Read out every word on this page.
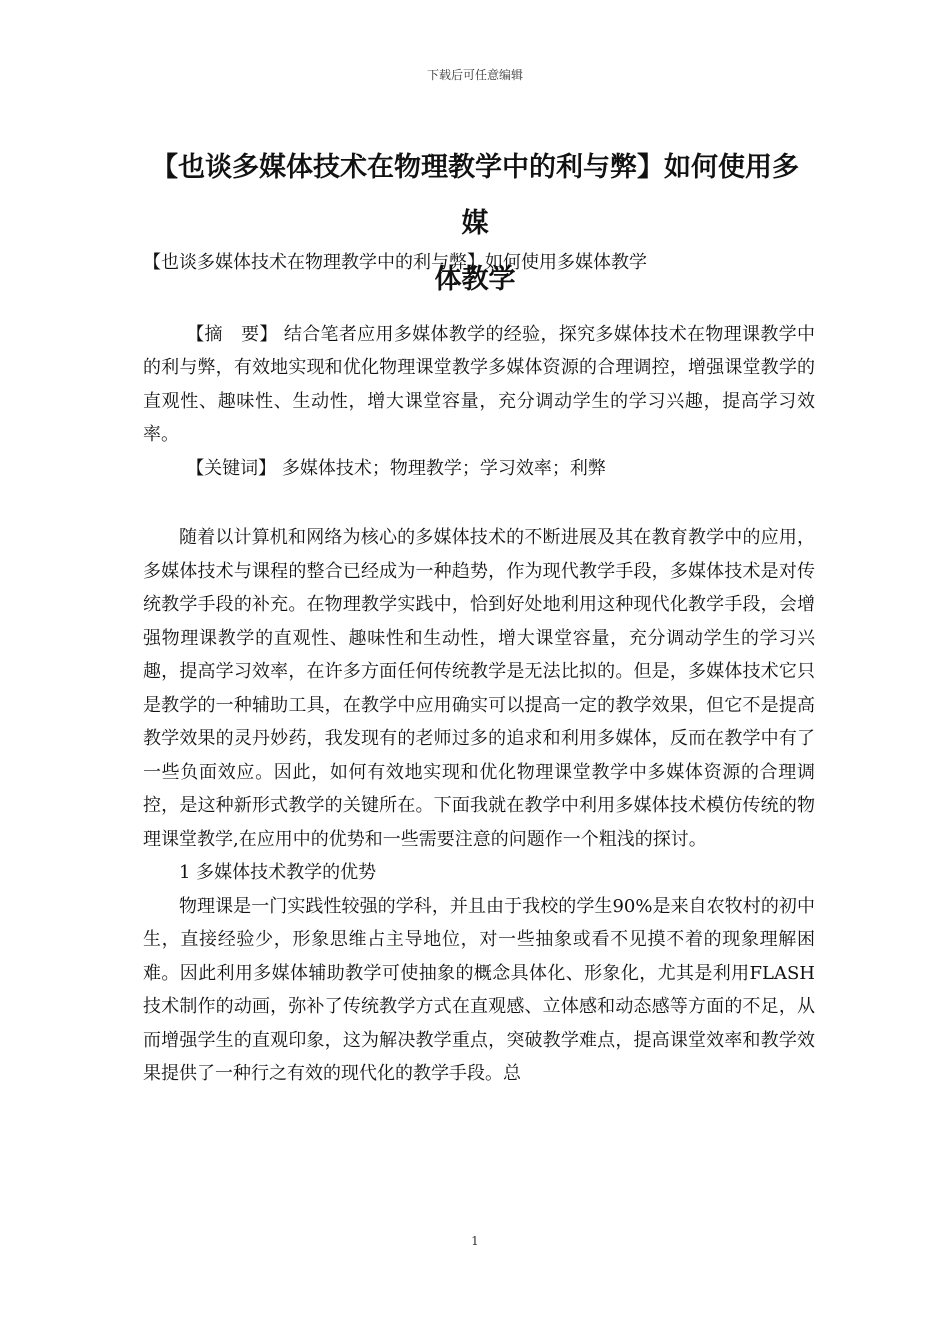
下载后可任意编辑
【也谈多媒体技术在物理教学中的利与弊】如何使用多媒
体教学

【也谈多媒体技术在物理教学中的利与弊】如何使用多媒体教学

【摘　要】 结合笔者应用多媒体教学的经验，探究多媒体技术在物理课教学中的利与弊，有效地实现和优化物理课堂教学多媒体资源的合理调控，增强课堂教学的直观性、趣味性、生动性，增大课堂容量，充分调动学生的学习兴趣，提高学习效率。

【关键词】 多媒体技术；物理教学；学习效率；利弊

随着以计算机和网络为核心的多媒体技术的不断进展及其在教育教学中的应用，多媒体技术与课程的整合已经成为一种趋势，作为现代教学手段，多媒体技术是对传统教学手段的补充。在物理教学实践中，恰到好处地利用这种现代化教学手段，会增强物理课教学的直观性、趣味性和生动性，增大课堂容量，充分调动学生的学习兴趣，提高学习效率，在许多方面任何传统教学是无法比拟的。但是，多媒体技术它只是教学的一种辅助工具，在教学中应用确实可以提高一定的教学效果，但它不是提高教学效果的灵丹妙药，我发现有的老师过多的追求和利用多媒体，反而在教学中有了一些负面效应。因此，如何有效地实现和优化物理课堂教学中多媒体资源的合理调控，是这种新形式教学的关键所在。下面我就在教学中利用多媒体技术模仿传统的物理课堂教学,在应用中的优势和一些需要注意的问题作一个粗浅的探讨。

1 多媒体技术教学的优势

物理课是一门实践性较强的学科，并且由于我校的学生90%是来自农牧村的初中生，直接经验少，形象思维占主导地位，对一些抽象或看不见摸不着的现象理解困难。因此利用多媒体辅助教学可使抽象的概念具体化、形象化，尤其是利用FLASH技术制作的动画，弥补了传统教学方式在直观感、立体感和动态感等方面的不足，从而增强学生的直观印象，这为解决教学重点，突破教学难点，提高课堂效率和教学效果提供了一种行之有效的现代化的教学手段。总

1
